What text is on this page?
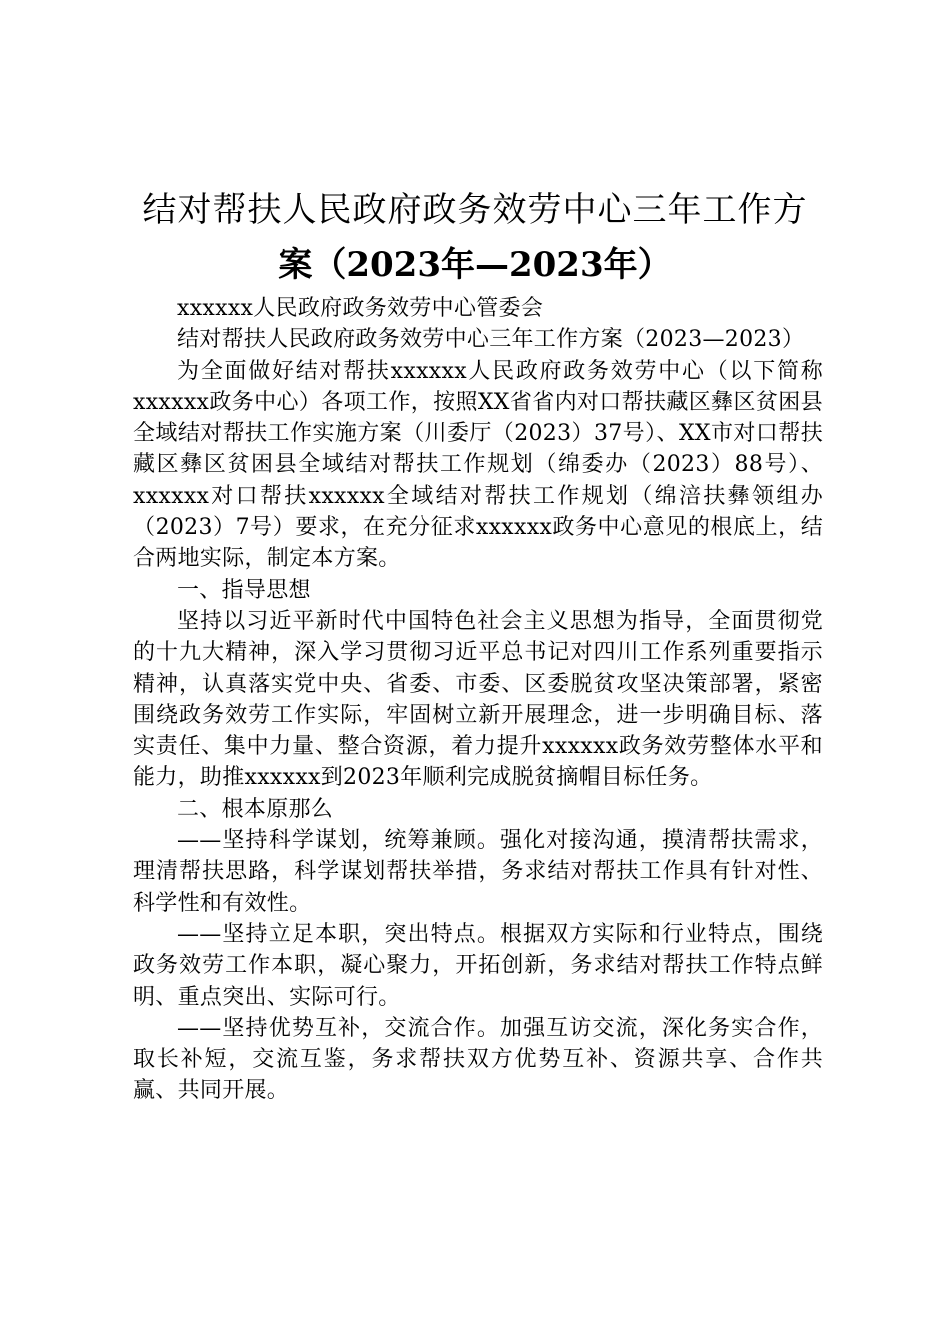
结对帮扶人民政府政务效劳中心三年工作方
案（2023年—2023年）

xxxxxx人民政府政务效劳中心管委会

结对帮扶人民政府政务效劳中心三年工作方案（2023—2023）

为全面做好结对帮扶xxxxxx人民政府政务效劳中心（以下简称xxxxxx政务中心）各项工作，按照XX省省内对口帮扶藏区彝区贫困县全域结对帮扶工作实施方案（川委厅（2023）37号）、XX市对口帮扶藏区彝区贫困县全域结对帮扶工作规划（绵委办（2023）88号）、xxxxxx对口帮扶xxxxxx全域结对帮扶工作规划（绵涪扶彝领组办（2023）7号）要求，在充分征求xxxxxx政务中心意见的根底上，结合两地实际，制定本方案。

一、指导思想

坚持以习近平新时代中国特色社会主义思想为指导，全面贯彻党的十九大精神，深入学习贯彻习近平总书记对四川工作系列重要指示精神，认真落实党中央、省委、市委、区委脱贫攻坚决策部署，紧密围绕政务效劳工作实际，牢固树立新开展理念，进一步明确目标、落实责任、集中力量、整合资源，着力提升xxxxxx政务效劳整体水平和能力，助推xxxxxx到2023年顺利完成脱贫摘帽目标任务。

二、根本原那么

——坚持科学谋划，统筹兼顾。强化对接沟通，摸清帮扶需求，理清帮扶思路，科学谋划帮扶举措，务求结对帮扶工作具有针对性、科学性和有效性。

——坚持立足本职，突出特点。根据双方实际和行业特点，围绕政务效劳工作本职，凝心聚力，开拓创新，务求结对帮扶工作特点鲜明、重点突出、实际可行。

——坚持优势互补，交流合作。加强互访交流，深化务实合作，取长补短，交流互鉴，务求帮扶双方优势互补、资源共享、合作共赢、共同开展。
